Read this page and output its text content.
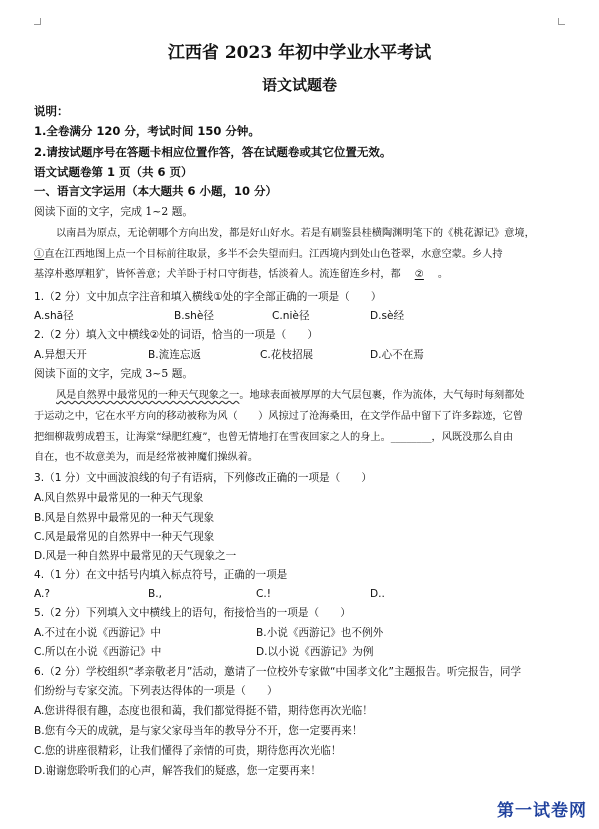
江西省 2023 年初中学业水平考试
语文试题卷
说明：
1.全卷满分 120 分，考试时间 150 分钟。
2.请按试题序号在答题卡相应位置作答，答在试题卷或其它位置无效。
语文试题卷第 1 页（共 6 页）
一、语言文字运用（本大题共 6 小题，10 分）
阅读下面的文字，完成 1~2 题。
以南昌为原点，无论朝哪个方向出发，都是好山好水。若是有刷鉴县桂横陶渊明笔下的《桃花源记》意境，
①直在江西地图上点一个目标前往取景，多半不会失望而归。江西境内到处山色苍翠，水意空蒙。乡人持
基淳朴憨厚粗犷，皆怀善意；犬羊卧于村口守街巷，恬淡着人。流连留连乡村，都 ② 。
1.（2 分）文中加点字注音和填入横线①处的字全部正确的一项是（　　）
A.shā径	B.shè径	C.niè径	D.sè经
2.（2 分）填入文中横线②处的词语，恰当的一项是（　　）
A.异想天开	B.流连忘返	C.花枝招展	D.心不在焉
阅读下面的文字，完成 3~5 题。
风是自然界中最常见的一种天气现象之一。地球表面被厚厚的大气层包裹，作为流体，大气每时每刻都处
于运动之中，它在水平方向的移动被称为风（　　）风掠过了沧海桑田，在文学作品中留下了许多踪迹，它曾
把细柳裁剪成碧玉，让海棠“绿肥红瘦”，也曾无情地打在雪夜回家之人的身上。________，风既没那么自由
自在，也不故意美为，而是经常被神魔们操纵着。
3.（1 分）文中画波浪线的句子有语病，下列修改正确的一项是（　　）
A.风自然界中最常见的一种天气现象
B.风是自然界中最常见的一种天气现象
C.风是最常见的自然界中一种天气现象
D.风是一种自然界中最常见的天气现象之一
4.（1 分）在文中括号内填入标点符号，正确的一项是
A.?	B.,	C.!	D..
5.（2 分）下列填入文中横线上的语句，衔接恰当的一项是（　　）
A.不过在小说《西游记》中	B.小说《西游记》也不例外
C.所以在小说《西游记》中	D.以小说《西游记》为例
6.（2 分）学校组织“孝亲敬老月”活动，邀请了一位校外专家做“中国孝文化”主题报告。听完报告，同学
们纷纷与专家交流。下列表达得体的一项是（　　）
A.您讲得很有趣，态度也很和蔼，我们都觉得挺不错，期待您再次光临！
B.您有今天的成就，是与家父家母当年的教导分不开，您一定要再来！
C.您的讲座很精彩，让我们懂得了亲情的可贵，期待您再次光临！
D.谢谢您聆听我们的心声，解答我们的疑惑，您一定要再来！
第一试卷网
